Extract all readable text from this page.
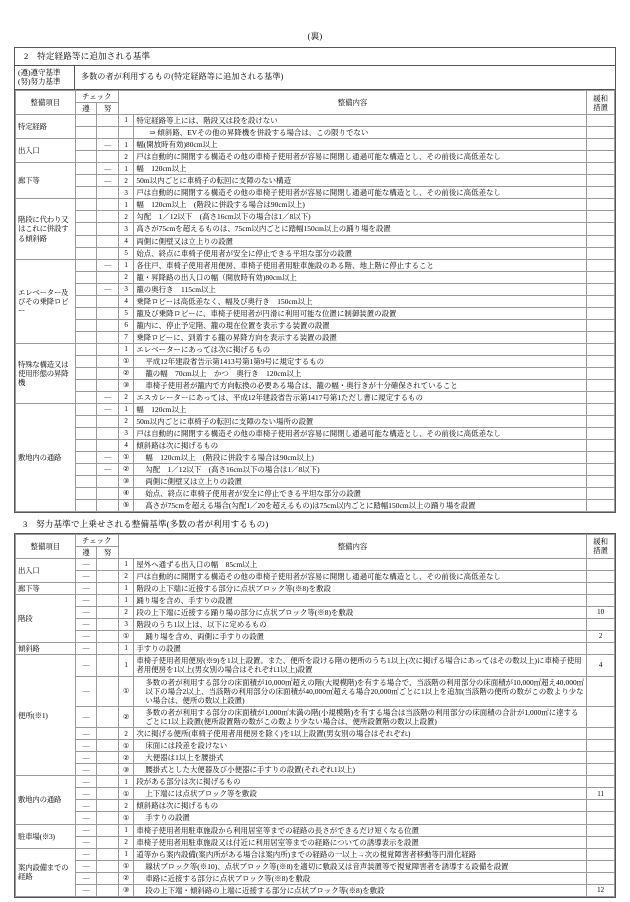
(裏)
2　特定経路等に追加される基準
(遵)遵守基準
(努)努力基準
多数の者が利用するもの(特定経路等に追加される基準)
整備項目	チェック		整備内容		緩和
措置
	遵	努			
特定経路			1	特定経路等上には、階段又は段を設けない	
				⇒ 傾斜路、EVその他の昇降機を併設する場合は、この限りでない	
出入口		—	1	幅(開放時有効)80cm以上	
			2	戸は自動的に開閉する構造その他の車椅子使用者が容易に開閉し通過可能な構造とし、その前後に高低差なし	
廊下等		—	1	幅　120cm以上	
		—	2	50m以内ごとに車椅子の転回に支障のない構造	
			3	戸は自動的に開閉する構造その他の車椅子使用者が容易に開閉し通過可能な構造とし、その前後に高低差なし	
階段に代わり又はこれに併設する傾斜路			1	幅　120cm以上　(階段に併設する場合は90cm以上)	
			2	勾配　1／12以下　(高さ16cm以下の場合は1／8以下)	
			3	高さが75cmを超えるものは、75cm以内ごとに踏幅150cm以上の踊り場を設置	
			4	両側に側壁又は立上りの設置	
			5	始点、終点に車椅子使用者が安全に停止できる平坦な部分の設置	
エレベーター及びその乗降ロビー		—	1	各住戸、車椅子使用者用便房、車椅子使用者用駐車施設のある階、地上階に停止すること	
			2	籠・昇降路の出入口の幅（開放時有効)80cm以上	
		—	3	籠の奥行き　115cm以上	
			4	乗降ロビーは高低差なく、幅及び奥行き　150cm以上	
			5	籠及び乗降ロビーに、車椅子使用者が円滑に利用可能な位置に制御装置の設置	
			6	籠内に、停止予定階、籠の現在位置を表示する装置の設置	
			7	乗降ロビーに、到着する籠の昇降方向を表示する装置の設置	
特殊な構造又は使用形態の昇降機			1	エレベーターにあっては次に掲げるもの	
			①	平成12年建設省告示第1413号第1第9号に規定するもの	
			②	籠の幅　70cm以上　かつ　奥行き　120cm以上	
			③	車椅子使用者が籠内で方向転換の必要ある場合は、籠の幅・奥行きが十分確保されていること	
		—	2	エスカレーターにあっては、平成12年建設省告示第1417号第1ただし書に規定するもの	
敷地内の通路		—	1	幅　120cm以上	
			2	50m以内ごとに車椅子の転回に支障のない場所の設置	
			3	戸は自動的に開閉する構造その他の車椅子使用者が容易に開閉し通過可能な構造とし、その前後に高低差なし	
			4	傾斜路は次に掲げるもの	
		—	①	幅　120cm以上　(階段に併設する場合は90cm以上)	
		—	②	勾配　1／12以下　(高さ16cm以下の場合は1／8以下)	
			③	両側に側壁又は立上りの設置	
			④	始点、終点に車椅子使用者が安全に停止できる平坦な部分の設置	
			⑤	高さが75cmを超える場合(勾配1／20を超えるもの)は75cm以内ごとに踏幅150cm以上の踊り場を設置	
3　努力基準で上乗せされる整備基準(多数の者が利用するもの)
整備項目	チェック		整備内容		緩和
措置
	遵	努			
出入口	—		1	屋外へ通ずる出入口の幅　85cm以上	
	—		2	戸は自動的に開閉する構造その他の車椅子使用者が容易に開閉し通過可能な構造とし、その前後に高低差なし	
廊下等	—		1	階段の上下端に近接する部分に点状ブロック等(※8)を敷設	
階段	—		1	踊り場を含め、手すりの設置	
	—		2	段の上下端に近接する踊り場の部分に点状ブロック等(※8)を敷設	10
	—		3	階段のうち1以上は、以下に定めるもの	
	—		①	踊り場を含め、両側に手すりの設置	2
傾斜路	—		1	手すりの設置	
便所(※1)	—		1	車椅子使用者用便房(※9)を1以上設置。また、便所を設ける階の便所のうち1以上(次に掲げる場合にあってはその数以上)に車椅子使用者用便房を1以上(男女別の場合はそれぞれ1以上)設置	4
	—		①	多数の者が利用する部分の床面積が10,000㎡超えの階(大規模階)を有する場合で、当該階の利用部分の床面積が10,000㎡超え40,000㎡以下の場合2以上、当該階の利用部分の床面積が40,000㎡超える場合20,000㎡ごとに1以上を追加(当該階の便所の数がこの数より少ない場合は、便所の数以上設置)	
	—		②	多数の者が利用する部分の床面積が1,000㎡未満の階(小規模階)を有する場合は当該階の利用部分の床面積の合計が1,000㎡に達するごとに1以上設置(便所設置階の数がこの数より少ない場合は、便所設置階の数以上設置)	
	—		2	次に掲げる便所(車椅子使用者用便房を除く)を1以上設置(男女別の場合はそれぞれ)	
	—		①	床面には段差を設けない	
	—		②	大便器は1以上を腰掛式	
	—		③	腰掛式とした大便器及び小便器に手すりの設置(それぞれ1以上)	
敷地内の通路	—		1	段がある部分は次に掲げるもの	
	—		①	上下端には点状ブロック等を敷設	11
	—		2	傾斜路は次に掲げるもの	
	—		①	手すりの設置	
駐車場(※3)	—		1	車椅子使用者用駐車施設から利用居室等までの経路の長さができるだけ短くなる位置	
	—		2	車椅子使用者用駐車施設又は付近に利用居室等までの経路についての誘導表示を設置	
案内設備までの経路	—		1	道等から案内設備(案内所がある場合は案内所)までの経路の一以上→次の視覚障害者移動等円滑化経路	
	—		①	線状ブロック等(※10)、点状ブロック等(※8)を適切に敷設又は音声装置等で視覚障害者を誘導する設備を設置	
	—		②	車路に近接する部分に点状ブロック等(※8)を敷設	
	—		③	段の上下端・傾斜路の上端に近接する部分に点状ブロック等(※8)を敷設	12
